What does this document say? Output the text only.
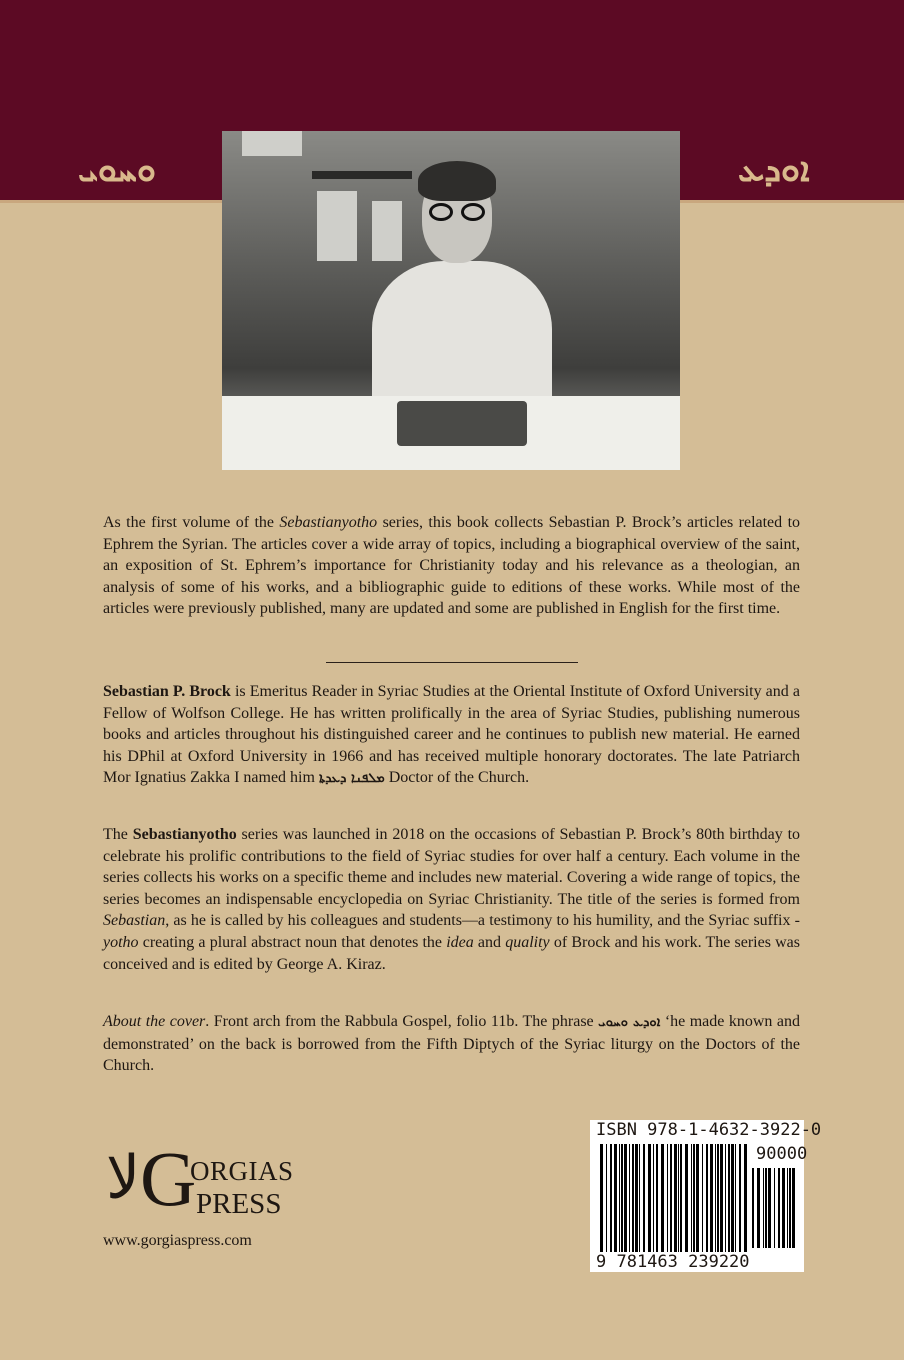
ܘܚܘܝ	ܐܘܕܥ
As the first volume of the Sebastianyotho series, this book collects Sebastian P. Brock’s articles related to Ephrem the Syrian. The articles cover a wide array of topics, including a biographical overview of the saint, an exposition of St. Ephrem’s importance for Christianity today and his relevance as a theologian, an analysis of some of his works, and a bibliographic guide to editions of these works. While most of the articles were previously published, many are updated and some are published in English for the first time.
Sebastian P. Brock is Emeritus Reader in Syriac Studies at the Oriental Institute of Oxford University and a Fellow of Wolfson College. He has written prolifically in the area of Syriac Studies, publishing numerous books and articles throughout his distinguished career and he continues to publish new material. He earned his DPhil at Oxford University in 1966 and has received multiple honorary doctorates. The late Patriarch Mor Ignatius Zakka I named him ܡܠܦܢܐ ܕܥܕܬܐ Doctor of the Church.
The Sebastianyotho series was launched in 2018 on the occasions of Sebastian P. Brock’s 80th birthday to celebrate his prolific contributions to the field of Syriac studies for over half a century. Each volume in the series collects his works on a specific theme and includes new material. Covering a wide range of topics, the series becomes an indispensable encyclopedia on Syriac Christianity. The title of the series is formed from Sebastian, as he is called by his colleagues and students—a testimony to his humility, and the Syriac suffix -yotho creating a plural abstract noun that denotes the idea and quality of Brock and his work. The series was conceived and is edited by George A. Kiraz.
About the cover. Front arch from the Rabbula Gospel, folio 11b. The phrase ܐܘܕܥ ܘܚܘܝ ‘he made known and demonstrated’ on the back is borrowed from the Fifth Diptych of the Syriac liturgy on the Doctors of the Church.
ﻻ G
ORGIAS
PRESS
www.gorgiaspress.com
ISBN 978-1-4632-3922-0
90000
9 781463 239220
